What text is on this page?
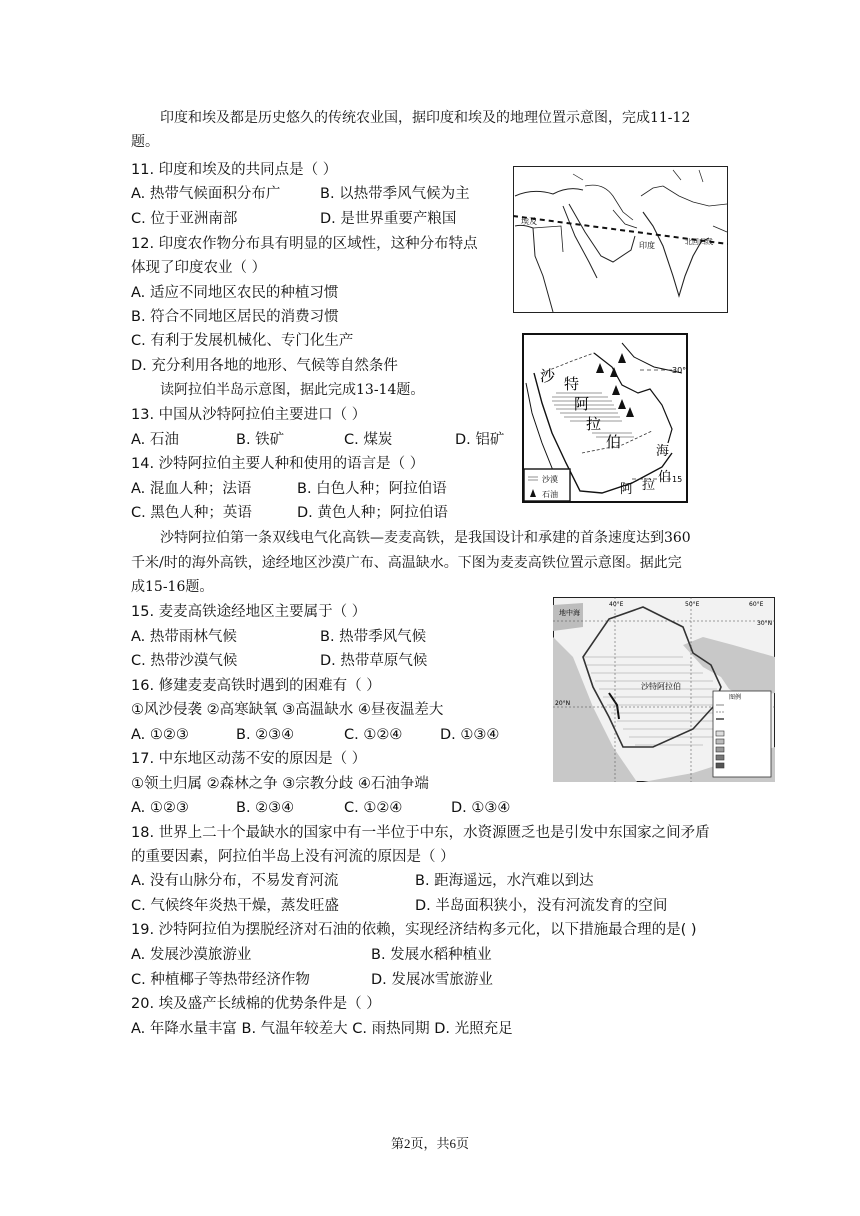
印度和埃及都是历史悠久的传统农业国，据印度和埃及的地理位置示意图，完成11-12
题。
11. 印度和埃及的共同点是（ ）
A. 热带气候面积分布广	B. 以热带季风气候为主
C. 位于亚洲南部	D. 是世界重要产粮国
12. 印度农作物分布具有明显的区域性，这种分布特点
体现了印度农业（ ）
A. 适应不同地区农民的种植习惯
B. 符合不同地区居民的消费习惯
C. 有利于发展机械化、专门化生产
D. 充分利用各地的地形、气候等自然条件
读阿拉伯半岛示意图，据此完成13-14题。
13. 中国从沙特阿拉伯主要进口（ ）
A. 石油	B. 铁矿	C. 煤炭	D. 铝矿
14. 沙特阿拉伯主要人种和使用的语言是（ ）
A. 混血人种；法语	B. 白色人种；阿拉伯语
C. 黑色人种；英语	D. 黄色人种；阿拉伯语
沙特阿拉伯第一条双线电气化高铁—麦麦高铁，是我国设计和承建的首条速度达到360
千米/时的海外高铁，途经地区沙漠广布、高温缺水。下图为麦麦高铁位置示意图。据此完
成15-16题。
15. 麦麦高铁途经地区主要属于（ ）
A. 热带雨林气候	B. 热带季风气候
C. 热带沙漠气候	D. 热带草原气候
16. 修建麦麦高铁时遇到的困难有（ ）
①风沙侵袭 ②高寒缺氧 ③高温缺水 ④昼夜温差大
A. ①②③	B. ②③④	C. ①②④	D. ①③④
17. 中东地区动荡不安的原因是（ ）
①领土归属 ②森林之争 ③宗教分歧 ④石油争端
A. ①②③	B. ②③④	C. ①②④	D. ①③④
18. 世界上二十个最缺水的国家中有一半位于中东，水资源匮乏也是引发中东国家之间矛盾
的重要因素，阿拉伯半岛上没有河流的原因是（ ）
A. 没有山脉分布，不易发育河流	B. 距海遥远，水汽难以到达
C. 气候终年炎热干燥，蒸发旺盛	D. 半岛面积狭小，没有河流发育的空间
19. 沙特阿拉伯为摆脱经济对石油的依赖，实现经济结构多元化，以下措施最合理的是( )
A. 发展沙漠旅游业	B. 发展水稻种植业
C. 种植椰子等热带经济作物	D. 发展冰雪旅游业
20. 埃及盛产长绒棉的优势条件是（ ）
A. 年降水量丰富 B. 气温年较差大 C. 雨热同期 D. 光照充足
埃及
印度	北回归线
30°
15
沙 特
阿
拉
伯
海
阿 拉
伯
沙漠
石油
40°E	50°E	60°E
30°N
20°N
地中海
沙特阿拉伯
图例
第2页，共6页
